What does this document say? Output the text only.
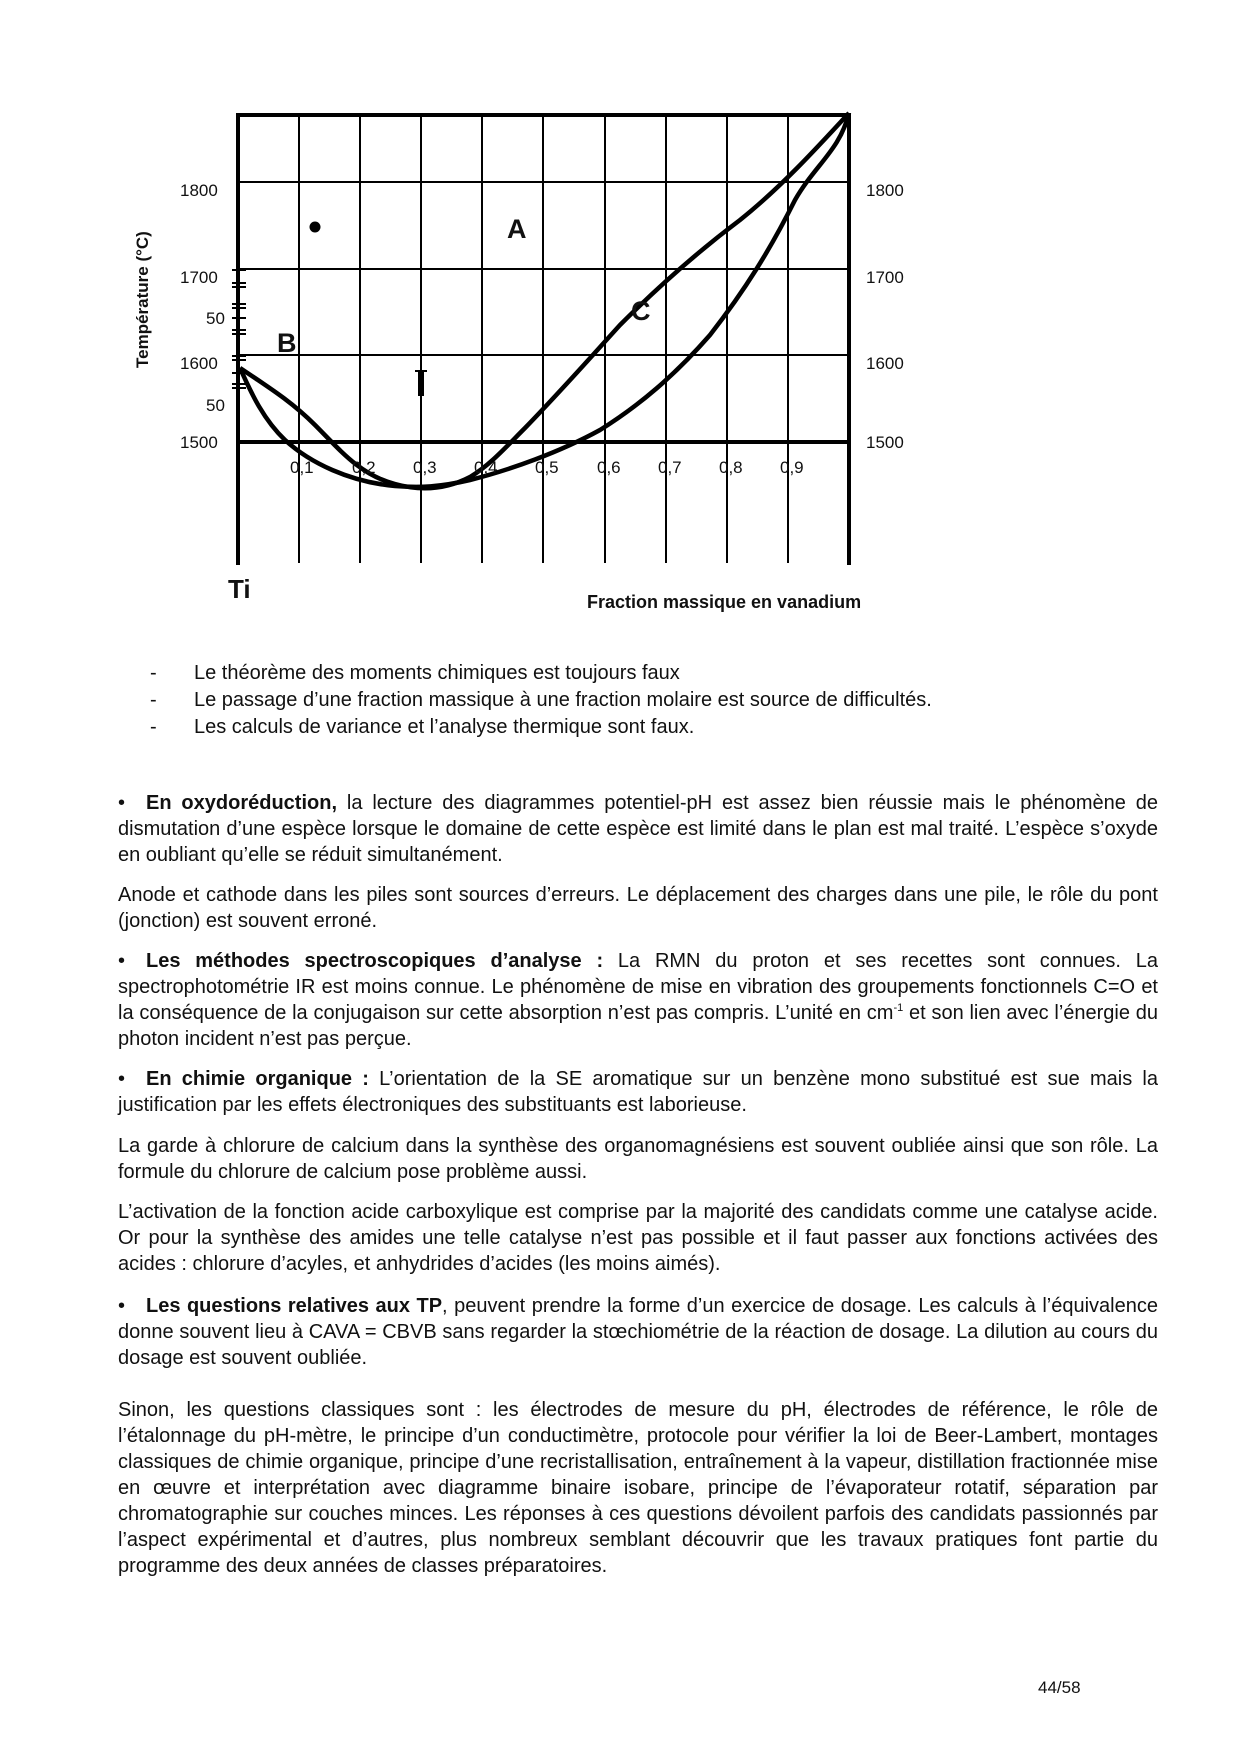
Température (°C)
1800
1700
50
1600
50
1500
1800
1700
1600
1500
0,1 0,2 0,3 0,4 0,5 0,6 0,7 0,8 0,9
A
B
C
Ti	Fraction massique en vanadium
-	Le théorème des moments chimiques est toujours faux
-	Le passage d’une fraction massique à une fraction molaire est source de difficultés.
-	Les calculs de variance et l’analyse thermique sont faux.

• En oxydoréduction, la lecture des diagrammes potentiel-pH est assez bien réussie mais le phénomène de dismutation d’une espèce lorsque le domaine de cette espèce est limité dans le plan est mal traité. L’espèce s’oxyde en oubliant qu’elle se réduit simultanément.

Anode et cathode dans les piles sont sources d’erreurs. Le déplacement des charges dans une pile, le rôle du pont (jonction) est souvent erroné.

• Les méthodes spectroscopiques d’analyse : La RMN du proton et ses recettes sont connues. La spectrophotométrie IR est moins connue. Le phénomène de mise en vibration des groupements fonctionnels C=O et la conséquence de la conjugaison sur cette absorption n’est pas compris. L’unité en $cm^{-1}$ et son lien avec l’énergie du photon incident n’est pas perçue.

• En chimie organique : L’orientation de la SE aromatique sur un benzène mono substitué est sue mais la justification par les effets électroniques des substituants est laborieuse.

La garde à chlorure de calcium dans la synthèse des organomagnésiens est souvent oubliée ainsi que son rôle. La formule du chlorure de calcium pose problème aussi.

L’activation de la fonction acide carboxylique est comprise par la majorité des candidats comme une catalyse acide. Or pour la synthèse des amides une telle catalyse n’est pas possible et il faut passer aux fonctions activées des acides : chlorure d’acyles, et anhydrides d’acides (les moins aimés).

• Les questions relatives aux TP, peuvent prendre la forme d’un exercice de dosage. Les calculs à l’équivalence donne souvent lieu à CAVA = CBVB sans regarder la stœchiométrie de la réaction de dosage. La dilution au cours du dosage est souvent oubliée.

Sinon, les questions classiques sont : les électrodes de mesure du pH, électrodes de référence, le rôle de l’étalonnage du pH-mètre, le principe d’un conductimètre, protocole pour vérifier la loi de Beer-Lambert, montages classiques de chimie organique, principe d’une recristallisation, entraînement à la vapeur, distillation fractionnée mise en œuvre et interprétation avec diagramme binaire isobare, principe de l’évaporateur rotatif, séparation par chromatographie sur couches minces. Les réponses à ces questions dévoilent parfois des candidats passionnés par l’aspect expérimental et d’autres, plus nombreux semblant découvrir que les travaux pratiques font partie du programme des deux années de classes préparatoires.

44/58
